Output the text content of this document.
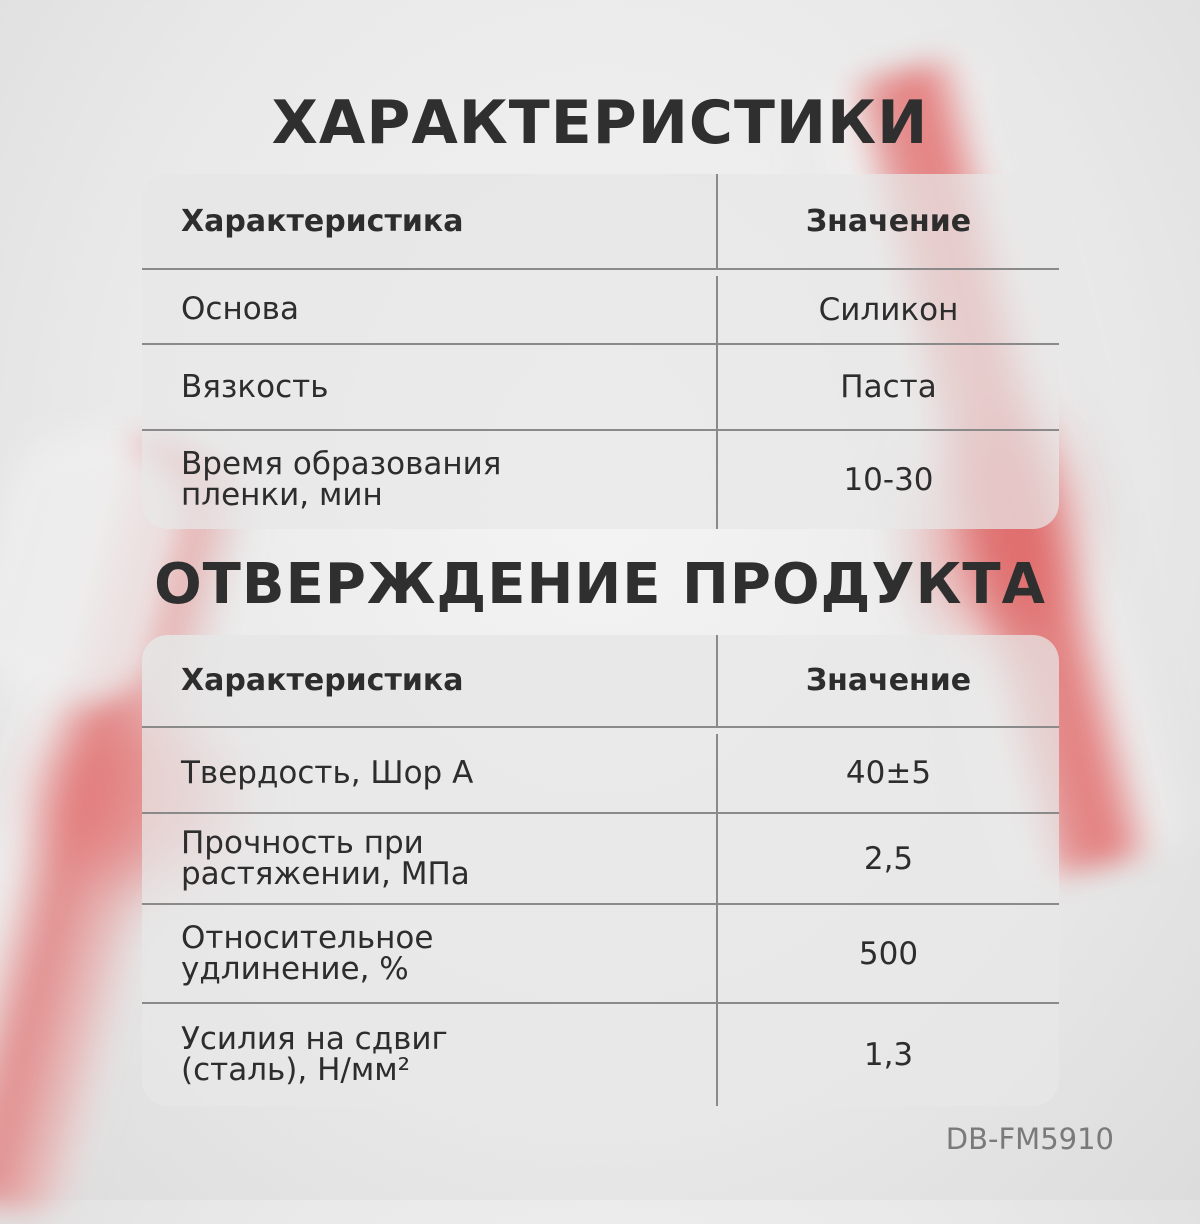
ХАРАКТЕРИСТИКИ
Характеристика	Значение
Основа	Силикон
Вязкость	Паста
Время образования пленки, мин	10-30
ОТВЕРЖДЕНИЕ ПРОДУКТА
Характеристика	Значение
Твердость, Шор А	40±5
Прочность при растяжении, МПа	2,5
Относительное удлинение, %	500
Усилия на сдвиг (сталь), Н/мм²	1,3
DB-FM5910
